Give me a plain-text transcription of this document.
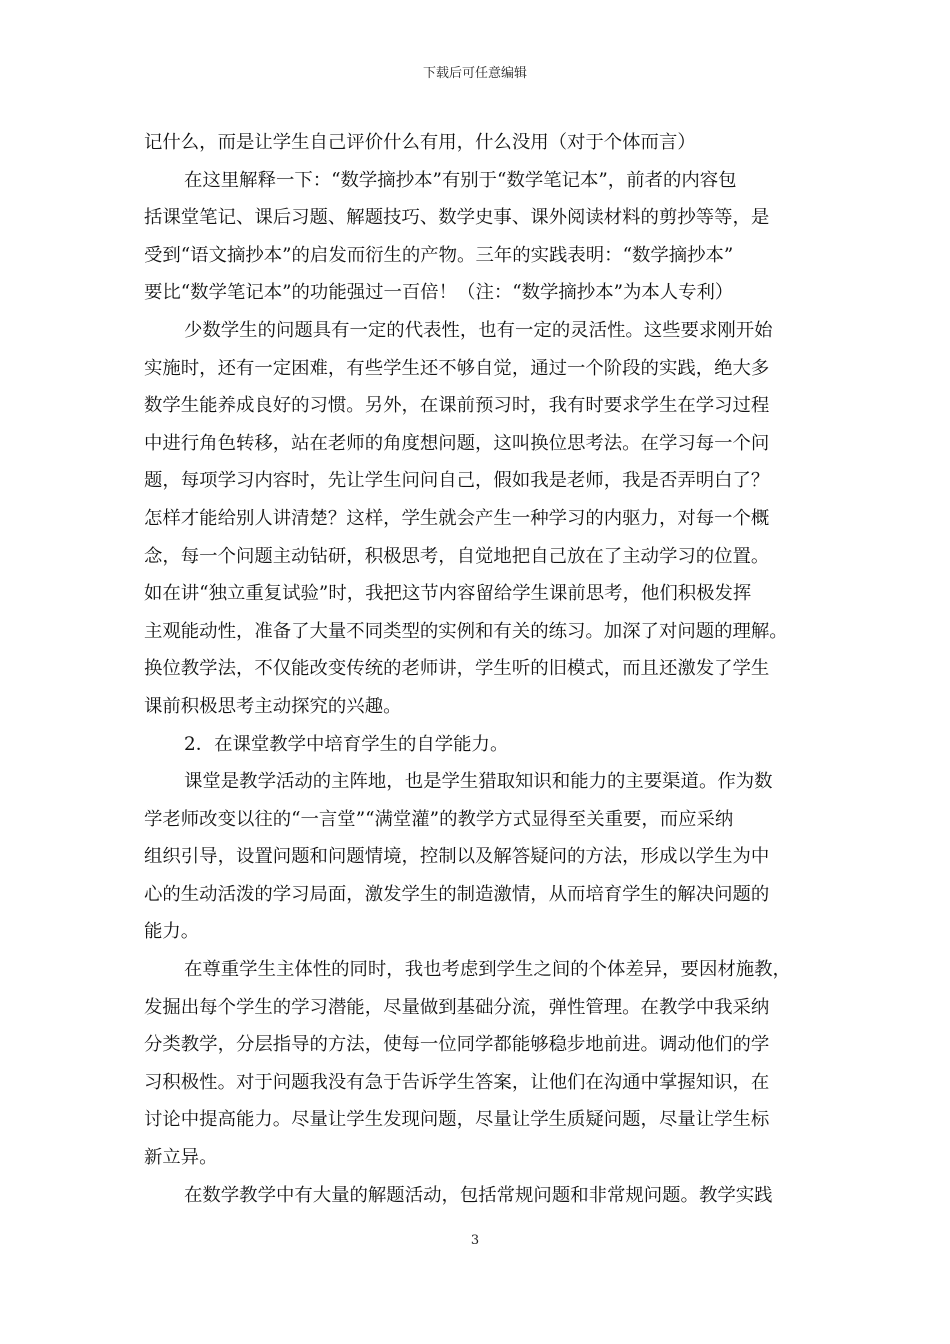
下载后可任意编辑
记什么，而是让学生自己评价什么有用，什么没用（对于个体而言）
在这里解释一下：“数学摘抄本”有别于“数学笔记本”，前者的内容包
括课堂笔记、课后习题、解题技巧、数学史事、课外阅读材料的剪抄等等，是
受到“语文摘抄本”的启发而衍生的产物。三年的实践表明：“数学摘抄本”
要比“数学笔记本”的功能强过一百倍！（注：“数学摘抄本”为本人专利）
少数学生的问题具有一定的代表性，也有一定的灵活性。这些要求刚开始
实施时，还有一定困难，有些学生还不够自觉，通过一个阶段的实践，绝大多
数学生能养成良好的习惯。另外，在课前预习时，我有时要求学生在学习过程
中进行角色转移，站在老师的角度想问题，这叫换位思考法。在学习每一个问
题，每项学习内容时，先让学生问问自己，假如我是老师，我是否弄明白了？
怎样才能给别人讲清楚？这样，学生就会产生一种学习的内驱力，对每一个概
念，每一个问题主动钻研，积极思考，自觉地把自己放在了主动学习的位置。
如在讲“独立重复试验”时，我把这节内容留给学生课前思考，他们积极发挥
主观能动性，准备了大量不同类型的实例和有关的练习。加深了对问题的理解。
换位教学法，不仅能改变传统的老师讲，学生听的旧模式，而且还激发了学生
课前积极思考主动探究的兴趣。
2．在课堂教学中培育学生的自学能力。
课堂是教学活动的主阵地，也是学生猎取知识和能力的主要渠道。作为数
学老师改变以往的“一言堂”“满堂灌”的教学方式显得至关重要，而应采纳
组织引导，设置问题和问题情境，控制以及解答疑问的方法，形成以学生为中
心的生动活泼的学习局面，激发学生的制造激情，从而培育学生的解决问题的
能力。
在尊重学生主体性的同时，我也考虑到学生之间的个体差异，要因材施教，
发掘出每个学生的学习潜能，尽量做到基础分流，弹性管理。在教学中我采纳
分类教学，分层指导的方法，使每一位同学都能够稳步地前进。调动他们的学
习积极性。对于问题我没有急于告诉学生答案，让他们在沟通中掌握知识，在
讨论中提高能力。尽量让学生发现问题，尽量让学生质疑问题，尽量让学生标
新立异。
在数学教学中有大量的解题活动，包括常规问题和非常规问题。教学实践
3
